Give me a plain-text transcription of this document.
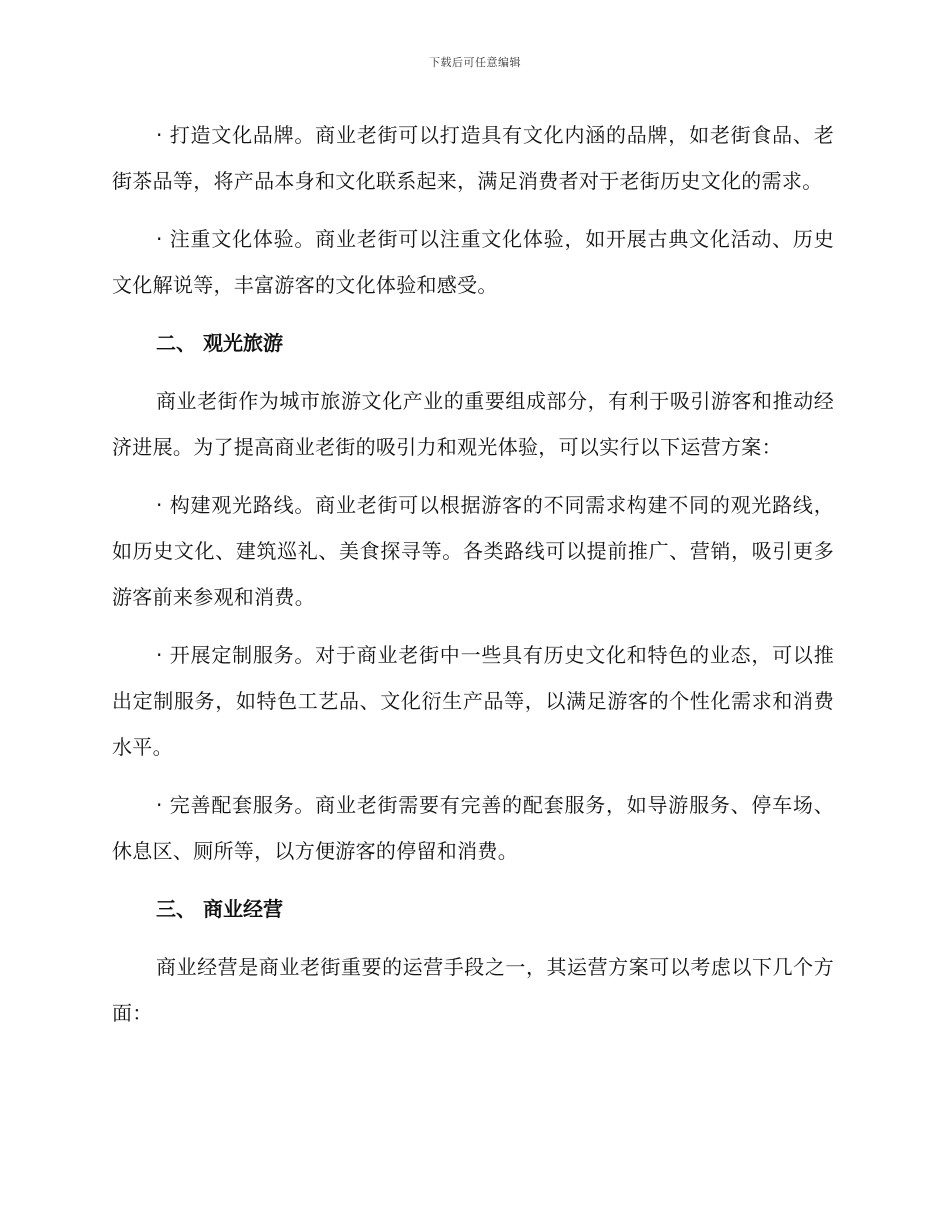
下载后可任意编辑

· 打造文化品牌。商业老街可以打造具有文化内涵的品牌，如老街食品、老街茶品等，将产品本身和文化联系起来，满足消费者对于老街历史文化的需求。

· 注重文化体验。商业老街可以注重文化体验，如开展古典文化活动、历史文化解说等，丰富游客的文化体验和感受。

二、 观光旅游

商业老街作为城市旅游文化产业的重要组成部分，有利于吸引游客和推动经济进展。为了提高商业老街的吸引力和观光体验，可以实行以下运营方案：

· 构建观光路线。商业老街可以根据游客的不同需求构建不同的观光路线，如历史文化、建筑巡礼、美食探寻等。各类路线可以提前推广、营销，吸引更多游客前来参观和消费。

· 开展定制服务。对于商业老街中一些具有历史文化和特色的业态，可以推出定制服务，如特色工艺品、文化衍生产品等，以满足游客的个性化需求和消费水平。

· 完善配套服务。商业老街需要有完善的配套服务，如导游服务、停车场、休息区、厕所等，以方便游客的停留和消费。

三、 商业经营

商业经营是商业老街重要的运营手段之一，其运营方案可以考虑以下几个方面：
